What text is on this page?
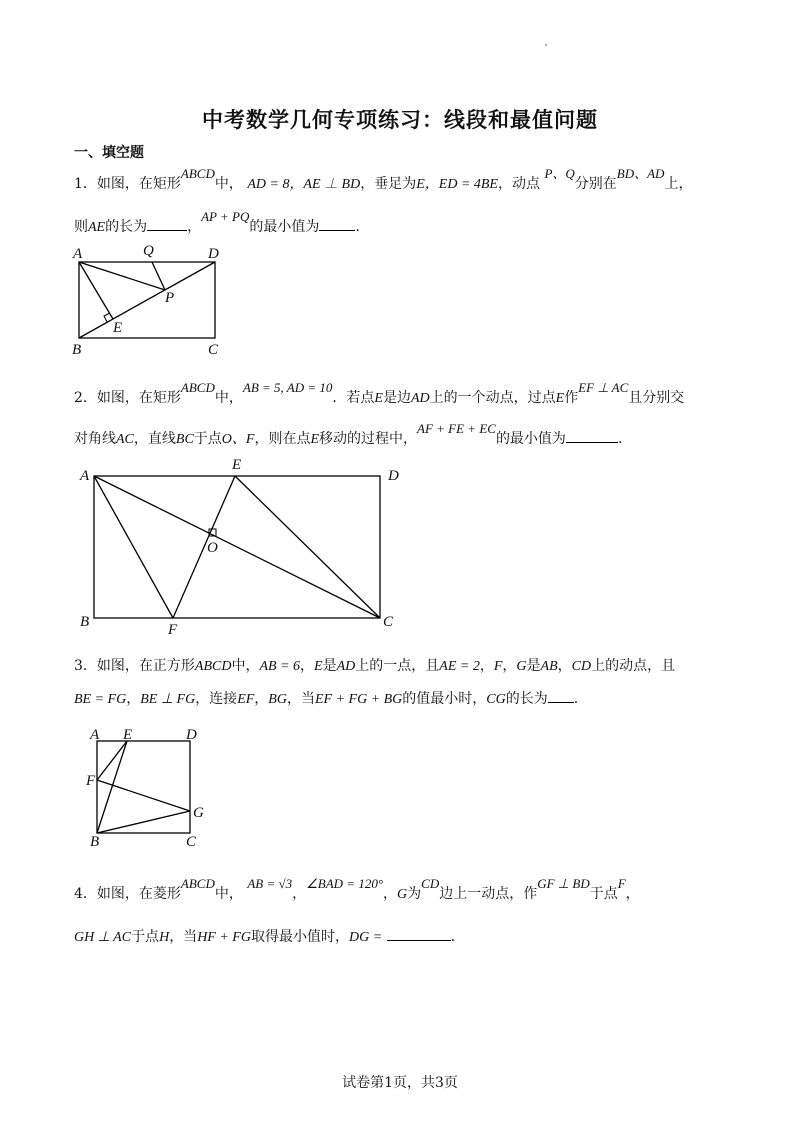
中考数学几何专项练习：线段和最值问题
一、填空题
1．如图，在矩形ABCD中， AD = 8，AE ⊥ BD，垂足为E，ED = 4BE，动点 P、Q分别在BD、AD上，
则AE的长为	，AP + PQ的最小值为	.
A	Q	D
P
E
B	C
2．如图，在矩形ABCD中，AB = 5, AD = 10．若点E是边AD上的一个动点，过点E作EF ⊥ AC且分别交
对角线AC，直线BC于点O、F，则在点E移动的过程中，AF + FE + EC的最小值为	.
A
E
D
O
B	F	C
3．如图，在正方形ABCD中，AB = 6，E是AD上的一点，且AE = 2，F，G是AB，CD上的动点，且
BE = FG，BE ⊥ FG，连接EF，BG，当EF + FG + BG的值最小时，CG的长为 .
A E	D
F
G
B	C
4．如图，在菱形ABCD中， AB = √3，∠BAD = 120°，G为CD边上一动点，作GF ⊥ BD于点F，
GH ⊥ AC于点H，当HF + FG取得最小值时，DG =	.
试卷第1页，共3页
